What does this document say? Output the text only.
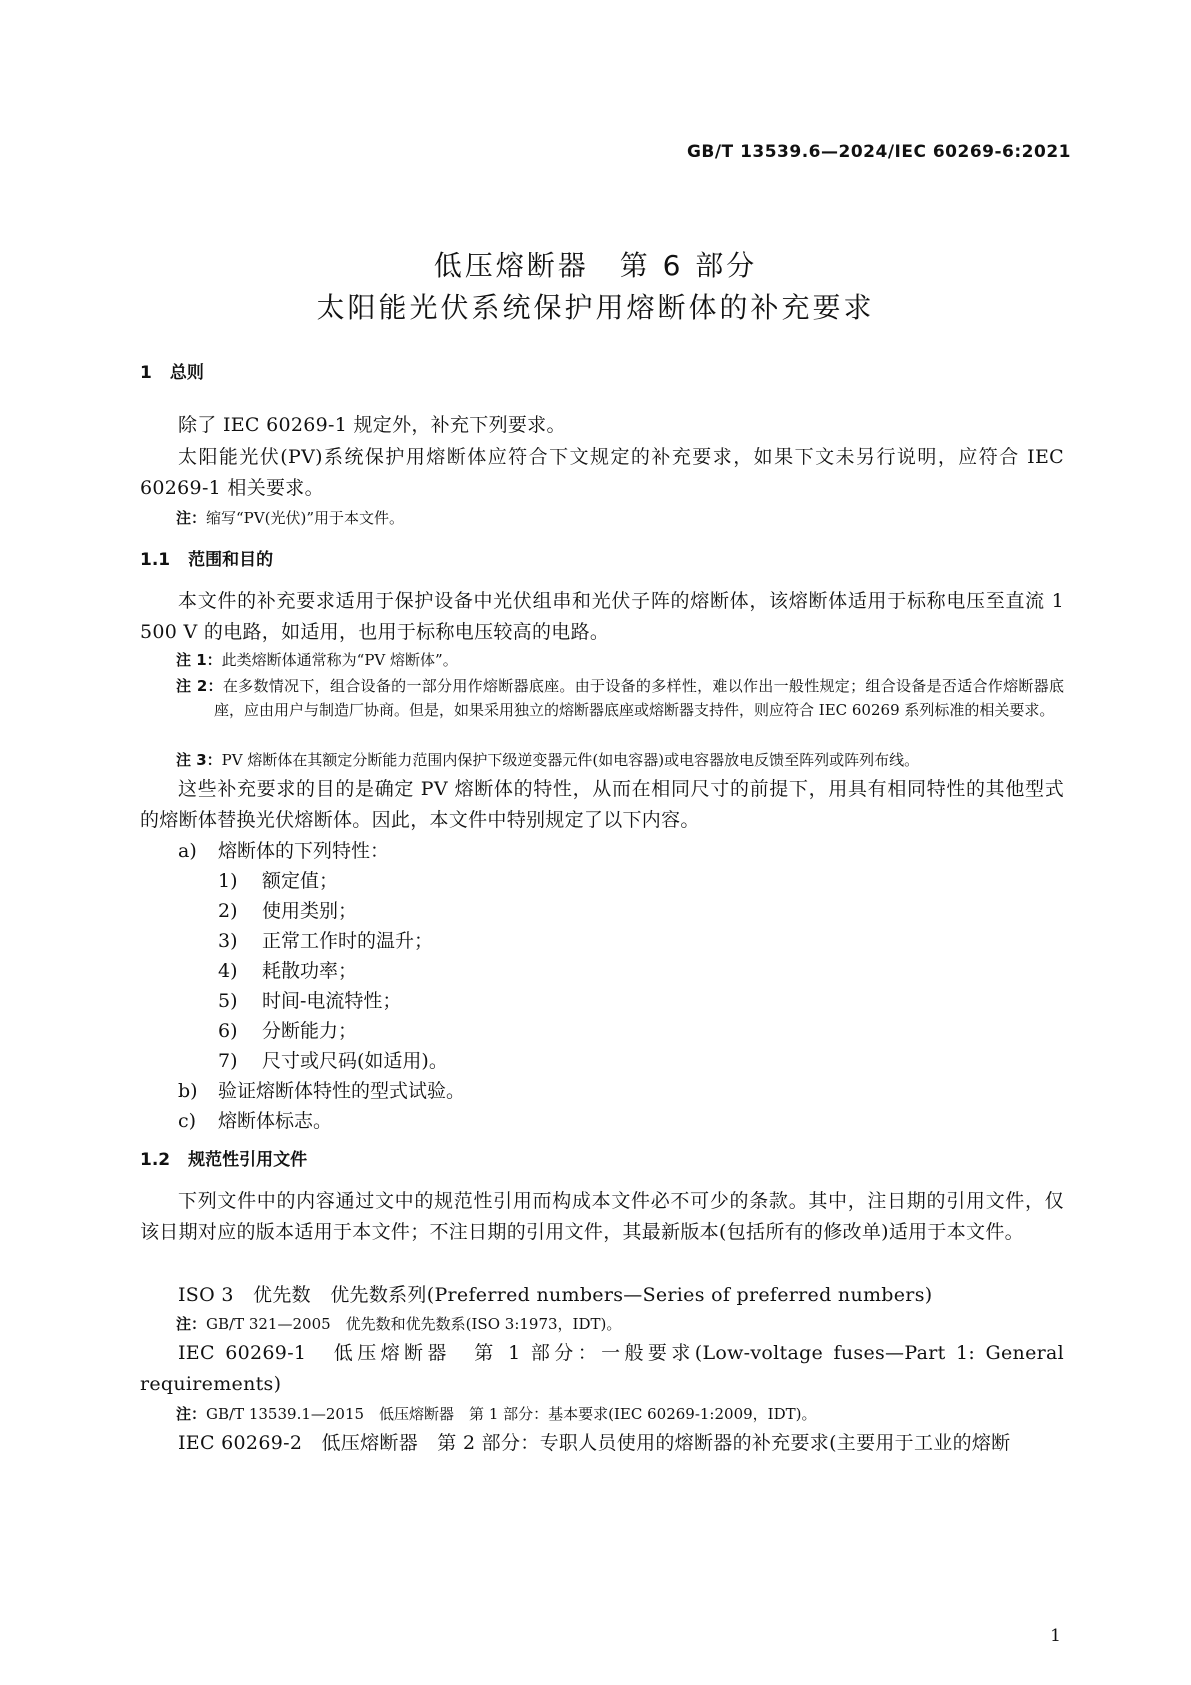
GB/T 13539.6—2024/IEC 60269-6:2021
低压熔断器　第 6 部分
太阳能光伏系统保护用熔断体的补充要求
1 总则
除了 IEC 60269-1 规定外，补充下列要求。
太阳能光伏(PV)系统保护用熔断体应符合下文规定的补充要求，如果下文未另行说明，应符合 IEC 60269-1 相关要求。
注：缩写“PV(光伏)”用于本文件。
1.1 范围和目的
本文件的补充要求适用于保护设备中光伏组串和光伏子阵的熔断体，该熔断体适用于标称电压至直流 1 500 V 的电路，如适用，也用于标称电压较高的电路。
注 1：此类熔断体通常称为“PV 熔断体”。
注 2：在多数情况下，组合设备的一部分用作熔断器底座。由于设备的多样性，难以作出一般性规定；组合设备是否适合作熔断器底座，应由用户与制造厂协商。但是，如果采用独立的熔断器底座或熔断器支持件，则应符合 IEC 60269 系列标准的相关要求。
注 3：PV 熔断体在其额定分断能力范围内保护下级逆变器元件(如电容器)或电容器放电反馈至阵列或阵列布线。
这些补充要求的目的是确定 PV 熔断体的特性，从而在相同尺寸的前提下，用具有相同特性的其他型式的熔断体替换光伏熔断体。因此，本文件中特别规定了以下内容。
a) 熔断体的下列特性：
1) 额定值；
2) 使用类别；
3) 正常工作时的温升；
4) 耗散功率；
5) 时间-电流特性；
6) 分断能力；
7) 尺寸或尺码(如适用)。
b) 验证熔断体特性的型式试验。
c) 熔断体标志。
1.2 规范性引用文件
下列文件中的内容通过文中的规范性引用而构成本文件必不可少的条款。其中，注日期的引用文件，仅该日期对应的版本适用于本文件；不注日期的引用文件，其最新版本(包括所有的修改单)适用于本文件。
ISO 3　优先数　优先数系列(Preferred numbers—Series of preferred numbers)
注：GB/T 321—2005　优先数和优先数系(ISO 3:1973，IDT)。
IEC 60269-1　低压熔断器　第 1 部分：一般要求(Low-voltage fuses—Part 1: General requirements)
注：GB/T 13539.1—2015　低压熔断器　第 1 部分：基本要求(IEC 60269-1:2009，IDT)。
IEC 60269-2　低压熔断器　第 2 部分：专职人员使用的熔断器的补充要求(主要用于工业的熔断
1
